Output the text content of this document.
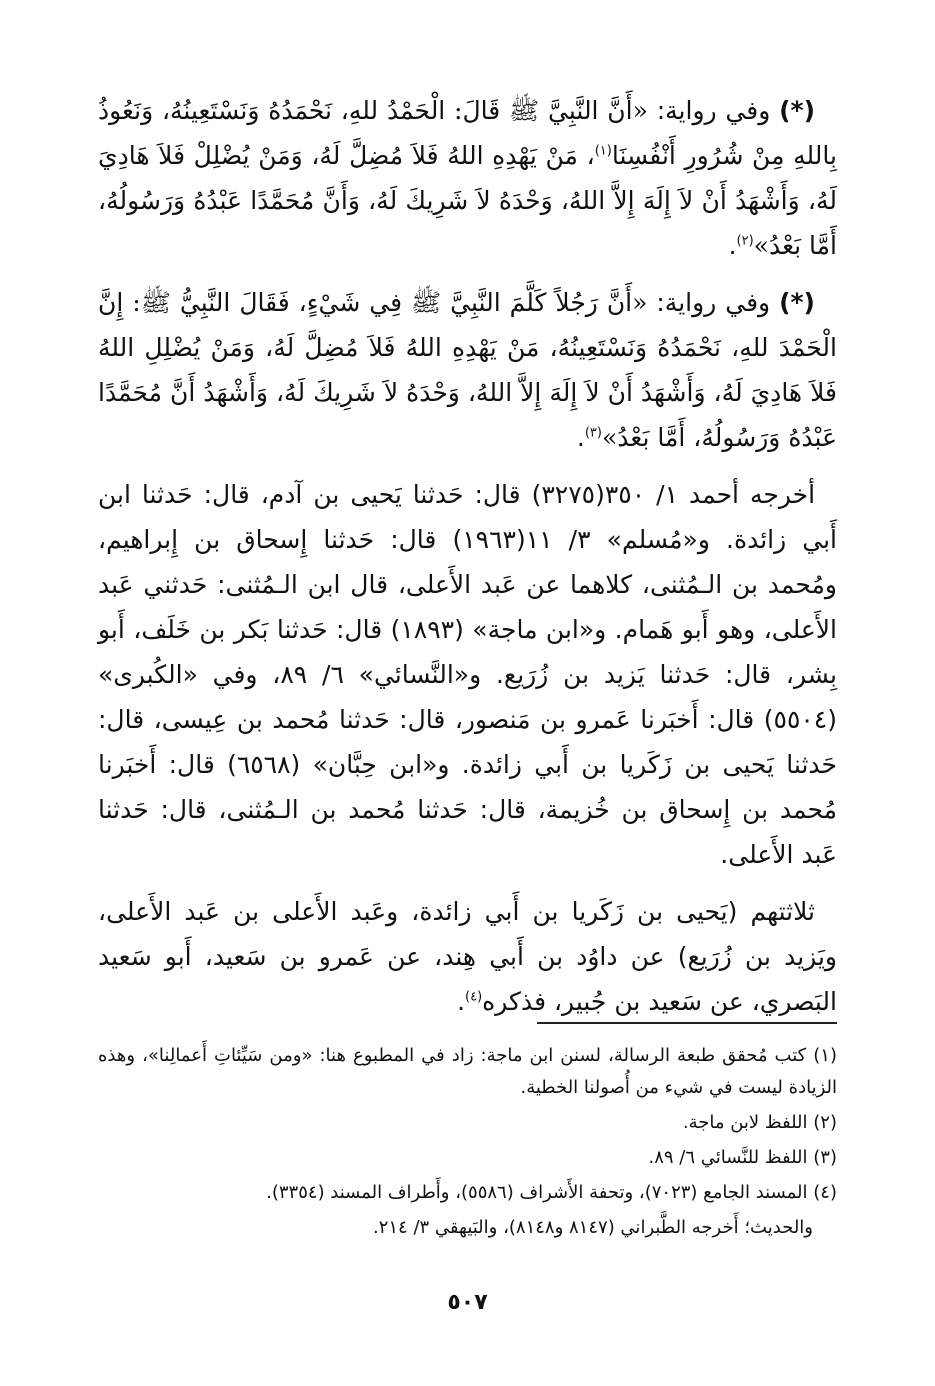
(*) وفي رواية: «أَنَّ النَّبِيَّ ﷺ قَالَ: الْحَمْدُ للهِ، نَحْمَدُهُ وَنَسْتَعِينُهُ، وَنَعُوذُ بِاللهِ مِنْ شُرُورِ أَنْفُسِنَا$^{(١)}$، مَنْ يَهْدِهِ اللهُ فَلاَ مُضِلَّ لَهُ، وَمَنْ يُضْلِلْ فَلاَ هَادِيَ لَهُ، وَأَشْهَدُ أَنْ لاَ إِلَهَ إِلاَّ اللهُ، وَحْدَهُ لاَ شَرِيكَ لَهُ، وَأَنَّ مُحَمَّدًا عَبْدُهُ وَرَسُولُهُ، أَمَّا بَعْدُ»$^{(٢)}$.

(*) وفي رواية: «أَنَّ رَجُلاً كَلَّمَ النَّبِيَّ ﷺ فِي شَيْءٍ، فَقَالَ النَّبِيُّ ﷺ: إِنَّ الْحَمْدَ للهِ، نَحْمَدُهُ وَنَسْتَعِينُهُ، مَنْ يَهْدِهِ اللهُ فَلاَ مُضِلَّ لَهُ، وَمَنْ يُضْلِلِ اللهُ فَلاَ هَادِيَ لَهُ، وَأَشْهَدُ أَنْ لاَ إِلَهَ إِلاَّ اللهُ، وَحْدَهُ لاَ شَرِيكَ لَهُ، وَأَشْهَدُ أَنَّ مُحَمَّدًا عَبْدُهُ وَرَسُولُهُ، أَمَّا بَعْدُ»$^{(٣)}$.

أخرجه أحمد ١/ ٣٥٠(٣٢٧٥) قال: حَدثنا يَحيى بن آدم، قال: حَدثنا ابن أَبي زائدة. و«مُسلم» ٣/ ١١(١٩٦٣) قال: حَدثنا إِسحاق بن إِبراهيم، ومُحمد بن الـمُثنى، كلاهما عن عَبد الأَعلى، قال ابن الـمُثنى: حَدثني عَبد الأَعلى، وهو أَبو هَمام. و«ابن ماجة» (١٨٩٣) قال: حَدثنا بَكر بن خَلَف، أَبو بِشر، قال: حَدثنا يَزيد بن زُرَيع. و«النَّسائي» ٦/ ٨٩، وفي «الكُبرى» (٥٥٠٤) قال: أَخبَرنا عَمرو بن مَنصور، قال: حَدثنا مُحمد بن عِيسى، قال: حَدثنا يَحيى بن زَكَريا بن أَبي زائدة. و«ابن حِبَّان» (٦٥٦٨) قال: أَخبَرنا مُحمد بن إِسحاق بن خُزيمة، قال: حَدثنا مُحمد بن الـمُثنى، قال: حَدثنا عَبد الأَعلى.

ثلاثتهم (يَحيى بن زَكَريا بن أَبي زائدة، وعَبد الأَعلى بن عَبد الأَعلى، ويَزيد بن زُرَيع) عن داوُد بن أَبي هِند، عن عَمرو بن سَعيد، أَبو سَعيد البَصري، عن سَعيد بن جُبير، فذكره$^{(٤)}$.

(١) كتب مُحقق طبعة الرسالة، لسنن ابن ماجة: زاد في المطبوع هنا: «ومن سَيِّئاتِ أَعمالِنا»، وهذه الزيادة ليست في شيء من أُصولنا الخطية.
(٢) اللفظ لابن ماجة.
(٣) اللفظ للنَّسائي ٦/ ٨٩.
(٤) المسند الجامع (٧٠٢٣)، وتحفة الأَشراف (٥٥٨٦)، وأَطراف المسند (٣٣٥٤).
والحديث؛ أَخرجه الطَّبراني (٨١٤٧ و٨١٤٨)، والبَيهقي ٣/ ٢١٤.
٥٠٧
